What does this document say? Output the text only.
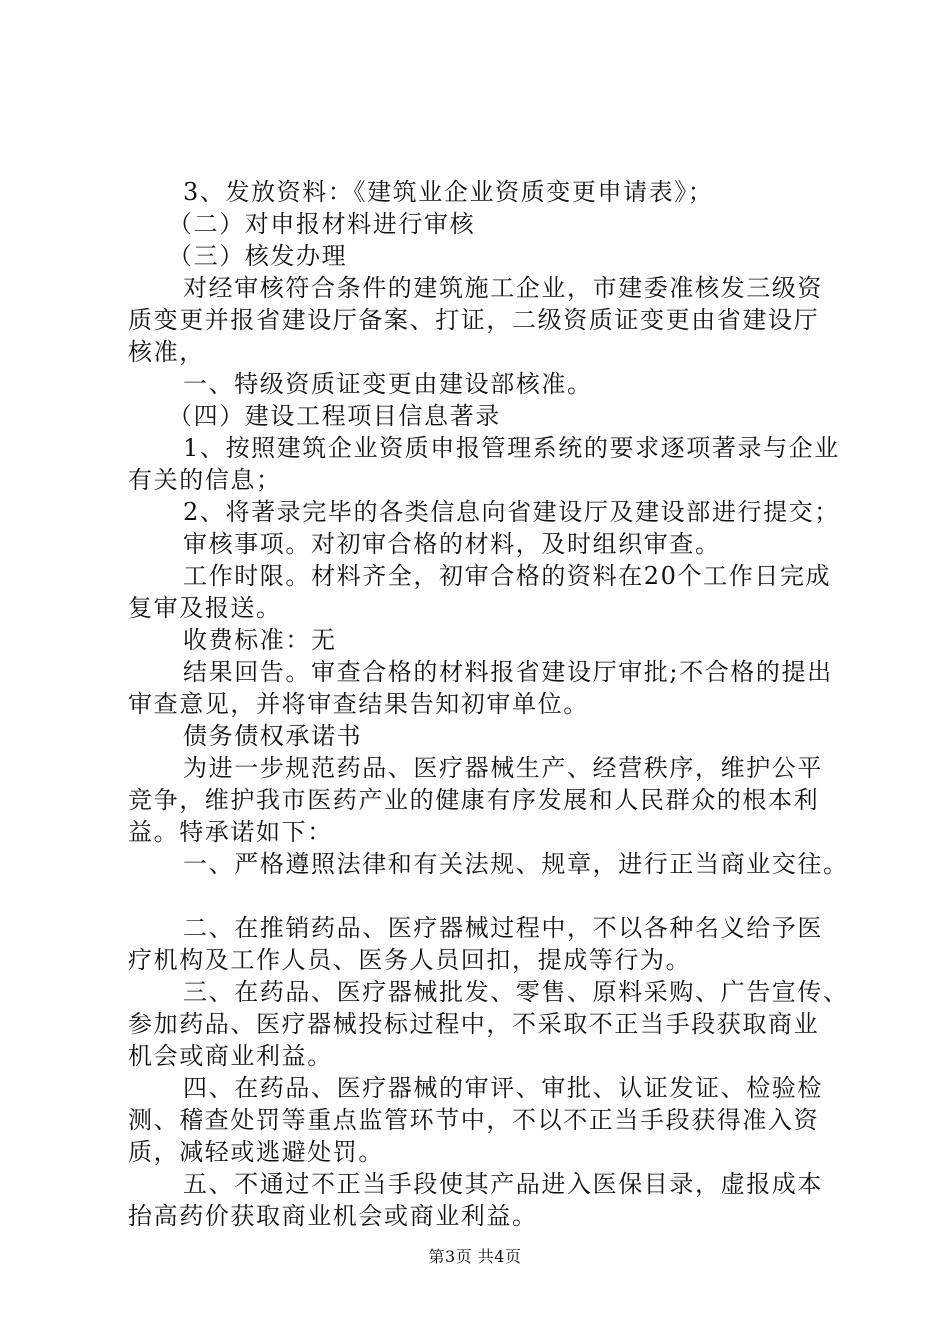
3、发放资料：《建筑业企业资质变更申请表》；
（二）对申报材料进行审核
（三）核发办理
对经审核符合条件的建筑施工企业，市建委准核发三级资
质变更并报省建设厅备案、打证，二级资质证变更由省建设厅
核准，
一、特级资质证变更由建设部核准。
（四）建设工程项目信息著录
1、按照建筑企业资质申报管理系统的要求逐项著录与企业
有关的信息；
2、将著录完毕的各类信息向省建设厅及建设部进行提交；
审核事项。对初审合格的材料，及时组织审查。
工作时限。材料齐全，初审合格的资料在20个工作日完成
复审及报送。
收费标准：无
结果回告。审查合格的材料报省建设厅审批;不合格的提出
审查意见，并将审查结果告知初审单位。
债务债权承诺书
为进一步规范药品、医疗器械生产、经营秩序，维护公平
竞争，维护我市医药产业的健康有序发展和人民群众的根本利
益。特承诺如下：
一、严格遵照法律和有关法规、规章，进行正当商业交往。
二、在推销药品、医疗器械过程中，不以各种名义给予医
疗机构及工作人员、医务人员回扣，提成等行为。
三、在药品、医疗器械批发、零售、原料采购、广告宣传、
参加药品、医疗器械投标过程中，不采取不正当手段获取商业
机会或商业利益。
四、在药品、医疗器械的审评、审批、认证发证、检验检
测、稽查处罚等重点监管环节中，不以不正当手段获得准入资
质，减轻或逃避处罚。
五、不通过不正当手段使其产品进入医保目录，虚报成本
抬高药价获取商业机会或商业利益。
第3页 共4页
